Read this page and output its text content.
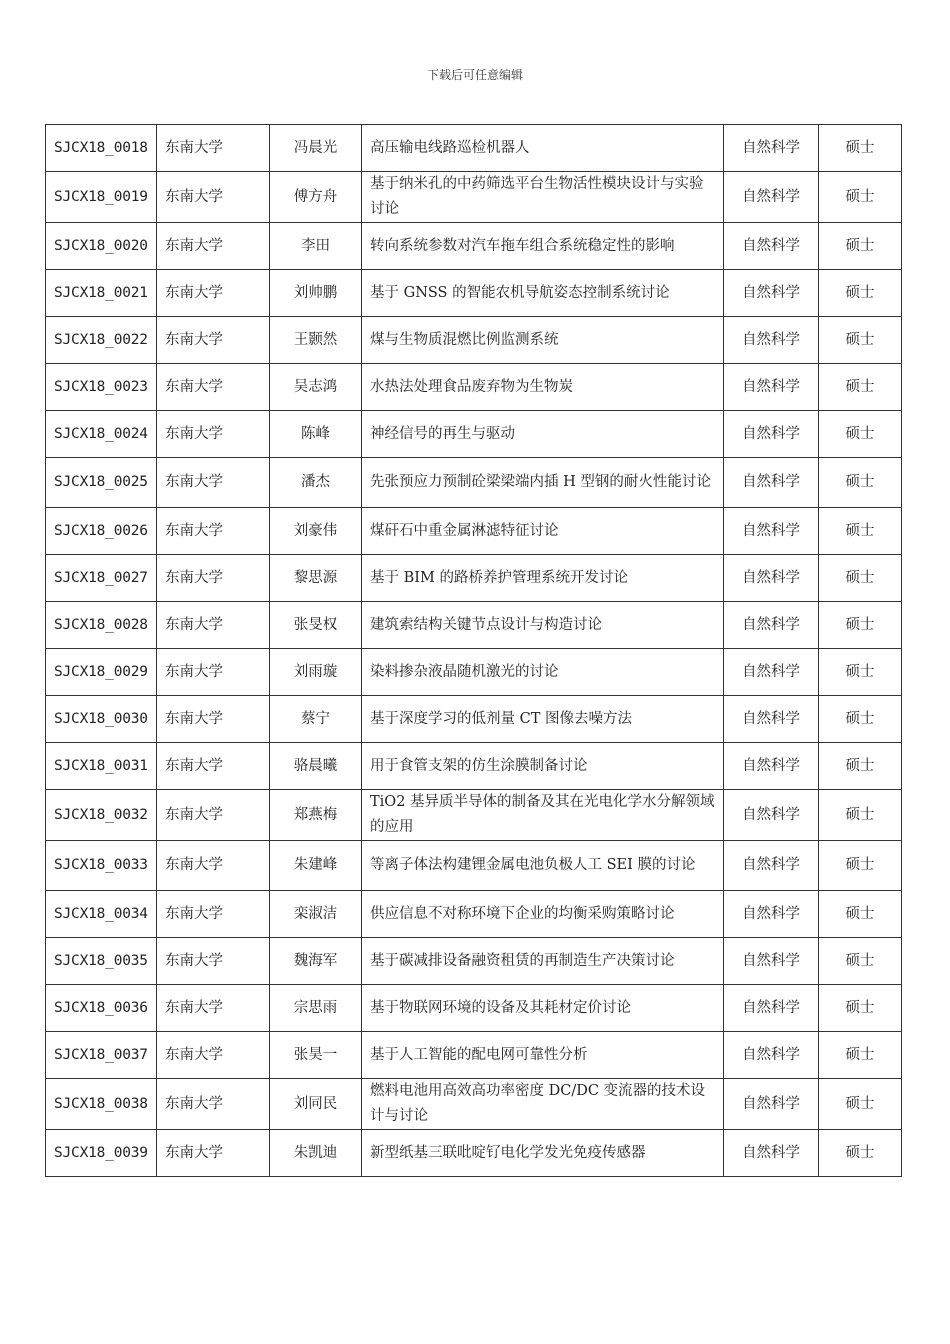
下载后可任意编辑
SJCX18_0018	东南大学	冯晨光	高压输电线路巡检机器人	自然科学	硕士
SJCX18_0019	东南大学	傅方舟	基于纳米孔的中药筛选平台生物活性模块设计与实验讨论	自然科学	硕士
SJCX18_0020	东南大学	李田	转向系统参数对汽车拖车组合系统稳定性的影响	自然科学	硕士
SJCX18_0021	东南大学	刘帅鹏	基于 GNSS 的智能农机导航姿态控制系统讨论	自然科学	硕士
SJCX18_0022	东南大学	王颢然	煤与生物质混燃比例监测系统	自然科学	硕士
SJCX18_0023	东南大学	吴志鸿	水热法处理食品废弃物为生物炭	自然科学	硕士
SJCX18_0024	东南大学	陈峰	神经信号的再生与驱动	自然科学	硕士
SJCX18_0025	东南大学	潘杰	先张预应力预制砼梁梁端内插 H 型钢的耐火性能讨论	自然科学	硕士
SJCX18_0026	东南大学	刘豪伟	煤矸石中重金属淋滤特征讨论	自然科学	硕士
SJCX18_0027	东南大学	黎思源	基于 BIM 的路桥养护管理系统开发讨论	自然科学	硕士
SJCX18_0028	东南大学	张旻权	建筑索结构关键节点设计与构造讨论	自然科学	硕士
SJCX18_0029	东南大学	刘雨璇	染料掺杂液晶随机激光的讨论	自然科学	硕士
SJCX18_0030	东南大学	蔡宁	基于深度学习的低剂量 CT 图像去噪方法	自然科学	硕士
SJCX18_0031	东南大学	骆晨曦	用于食管支架的仿生涂膜制备讨论	自然科学	硕士
SJCX18_0032	东南大学	郑燕梅	TiO2 基异质半导体的制备及其在光电化学水分解领域的应用	自然科学	硕士
SJCX18_0033	东南大学	朱建峰	等离子体法构建锂金属电池负极人工 SEI 膜的讨论	自然科学	硕士
SJCX18_0034	东南大学	栾淑洁	供应信息不对称环境下企业的均衡采购策略讨论	自然科学	硕士
SJCX18_0035	东南大学	魏海军	基于碳减排设备融资租赁的再制造生产决策讨论	自然科学	硕士
SJCX18_0036	东南大学	宗思雨	基于物联网环境的设备及其耗材定价讨论	自然科学	硕士
SJCX18_0037	东南大学	张昊一	基于人工智能的配电网可靠性分析	自然科学	硕士
SJCX18_0038	东南大学	刘同民	燃料电池用高效高功率密度 DC/DC 变流器的技术设计与讨论	自然科学	硕士
SJCX18_0039	东南大学	朱凯迪	新型纸基三联吡啶钌电化学发光免疫传感器	自然科学	硕士
